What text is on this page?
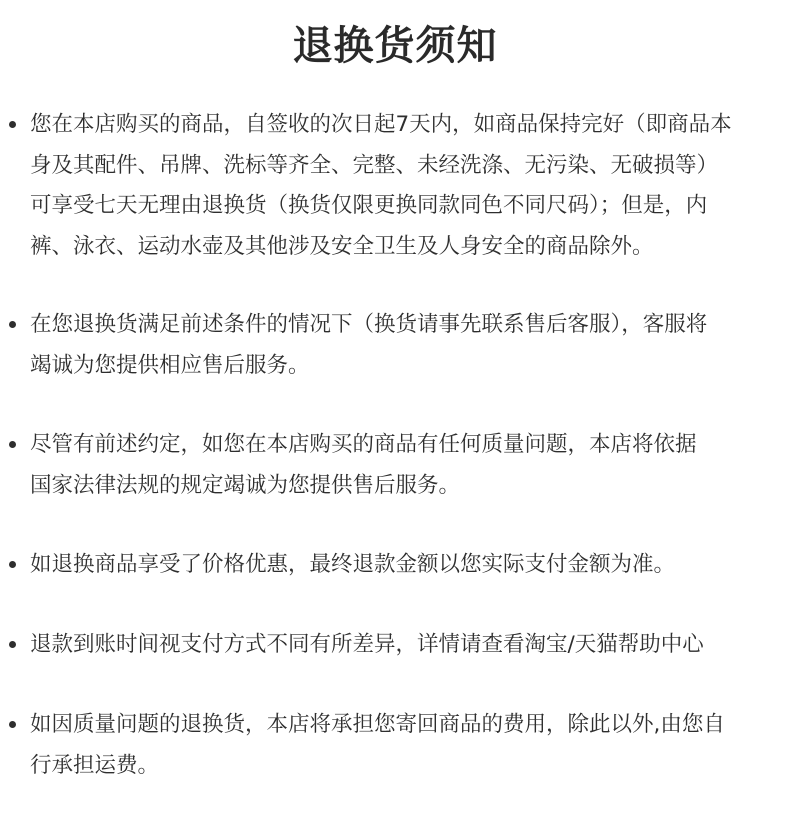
退换货须知
您在本店购买的商品，自签收的次日起7天内，如商品保持完好（即商品本
身及其配件、吊牌、洗标等齐全、完整、未经洗涤、无污染、无破损等）
可享受七天无理由退换货（换货仅限更换同款同色不同尺码）；但是，内
裤、泳衣、运动水壶及其他涉及安全卫生及人身安全的商品除外。
在您退换货满足前述条件的情况下（换货请事先联系售后客服），客服将
竭诚为您提供相应售后服务。
尽管有前述约定，如您在本店购买的商品有任何质量问题，本店将依据
国家法律法规的规定竭诚为您提供售后服务。
如退换商品享受了价格优惠，最终退款金额以您实际支付金额为准。
退款到账时间视支付方式不同有所差异，详情请查看淘宝/天猫帮助中心
如因质量问题的退换货，本店将承担您寄回商品的费用，除此以外,由您自
行承担运费。
